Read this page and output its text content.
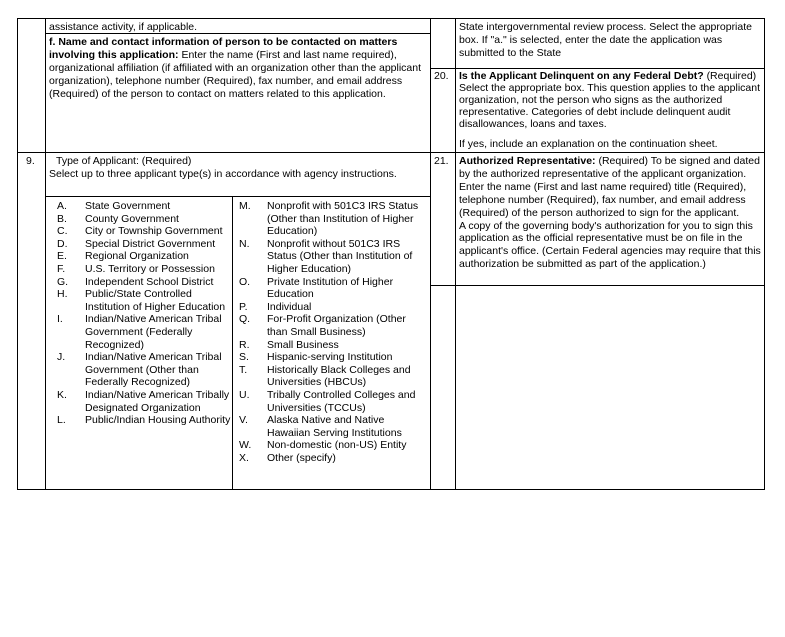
assistance activity, if applicable.
f. Name and contact information of person to be contacted on matters involving this application: Enter the name (First and last name required), organizational affiliation (if affiliated with an organization other than the applicant organization), telephone number (Required), fax number, and email address (Required) of the person to contact on matters related to this application.
9.	Type of Applicant: (Required)
Select up to three applicant type(s) in accordance with agency instructions.
A. State Government
B. County Government
C. City or Township Government
D. Special District Government
E. Regional Organization
F. U.S. Territory or Possession
G. Independent School District
H. Public/State Controlled Institution of Higher Education
I. Indian/Native American Tribal Government (Federally Recognized)
J. Indian/Native American Tribal Government (Other than Federally Recognized)
K. Indian/Native American Tribally Designated Organization
L. Public/Indian Housing Authority
M. Nonprofit with 501C3 IRS Status (Other than Institution of Higher Education)
N. Nonprofit without 501C3 IRS Status (Other than Institution of Higher Education)
O. Private Institution of Higher Education
P. Individual
Q. For-Profit Organization (Other than Small Business)
R. Small Business
S. Hispanic-serving Institution
T. Historically Black Colleges and Universities (HBCUs)
U. Tribally Controlled Colleges and Universities (TCCUs)
V. Alaska Native and Native Hawaiian Serving Institutions
W. Non-domestic (non-US) Entity
X. Other (specify)
State intergovernmental review process. Select the appropriate box. If "a." is selected, enter the date the application was submitted to the State
20. Is the Applicant Delinquent on any Federal Debt? (Required) Select the appropriate box. This question applies to the applicant organization, not the person who signs as the authorized representative. Categories of debt include delinquent audit disallowances, loans and taxes.
If yes, include an explanation on the continuation sheet.
21. Authorized Representative: (Required) To be signed and dated by the authorized representative of the applicant organization. Enter the name (First and last name required) title (Required), telephone number (Required), fax number, and email address (Required) of the person authorized to sign for the applicant.
A copy of the governing body's authorization for you to sign this application as the official representative must be on file in the applicant's office. (Certain Federal agencies may require that this authorization be submitted as part of the application.)
